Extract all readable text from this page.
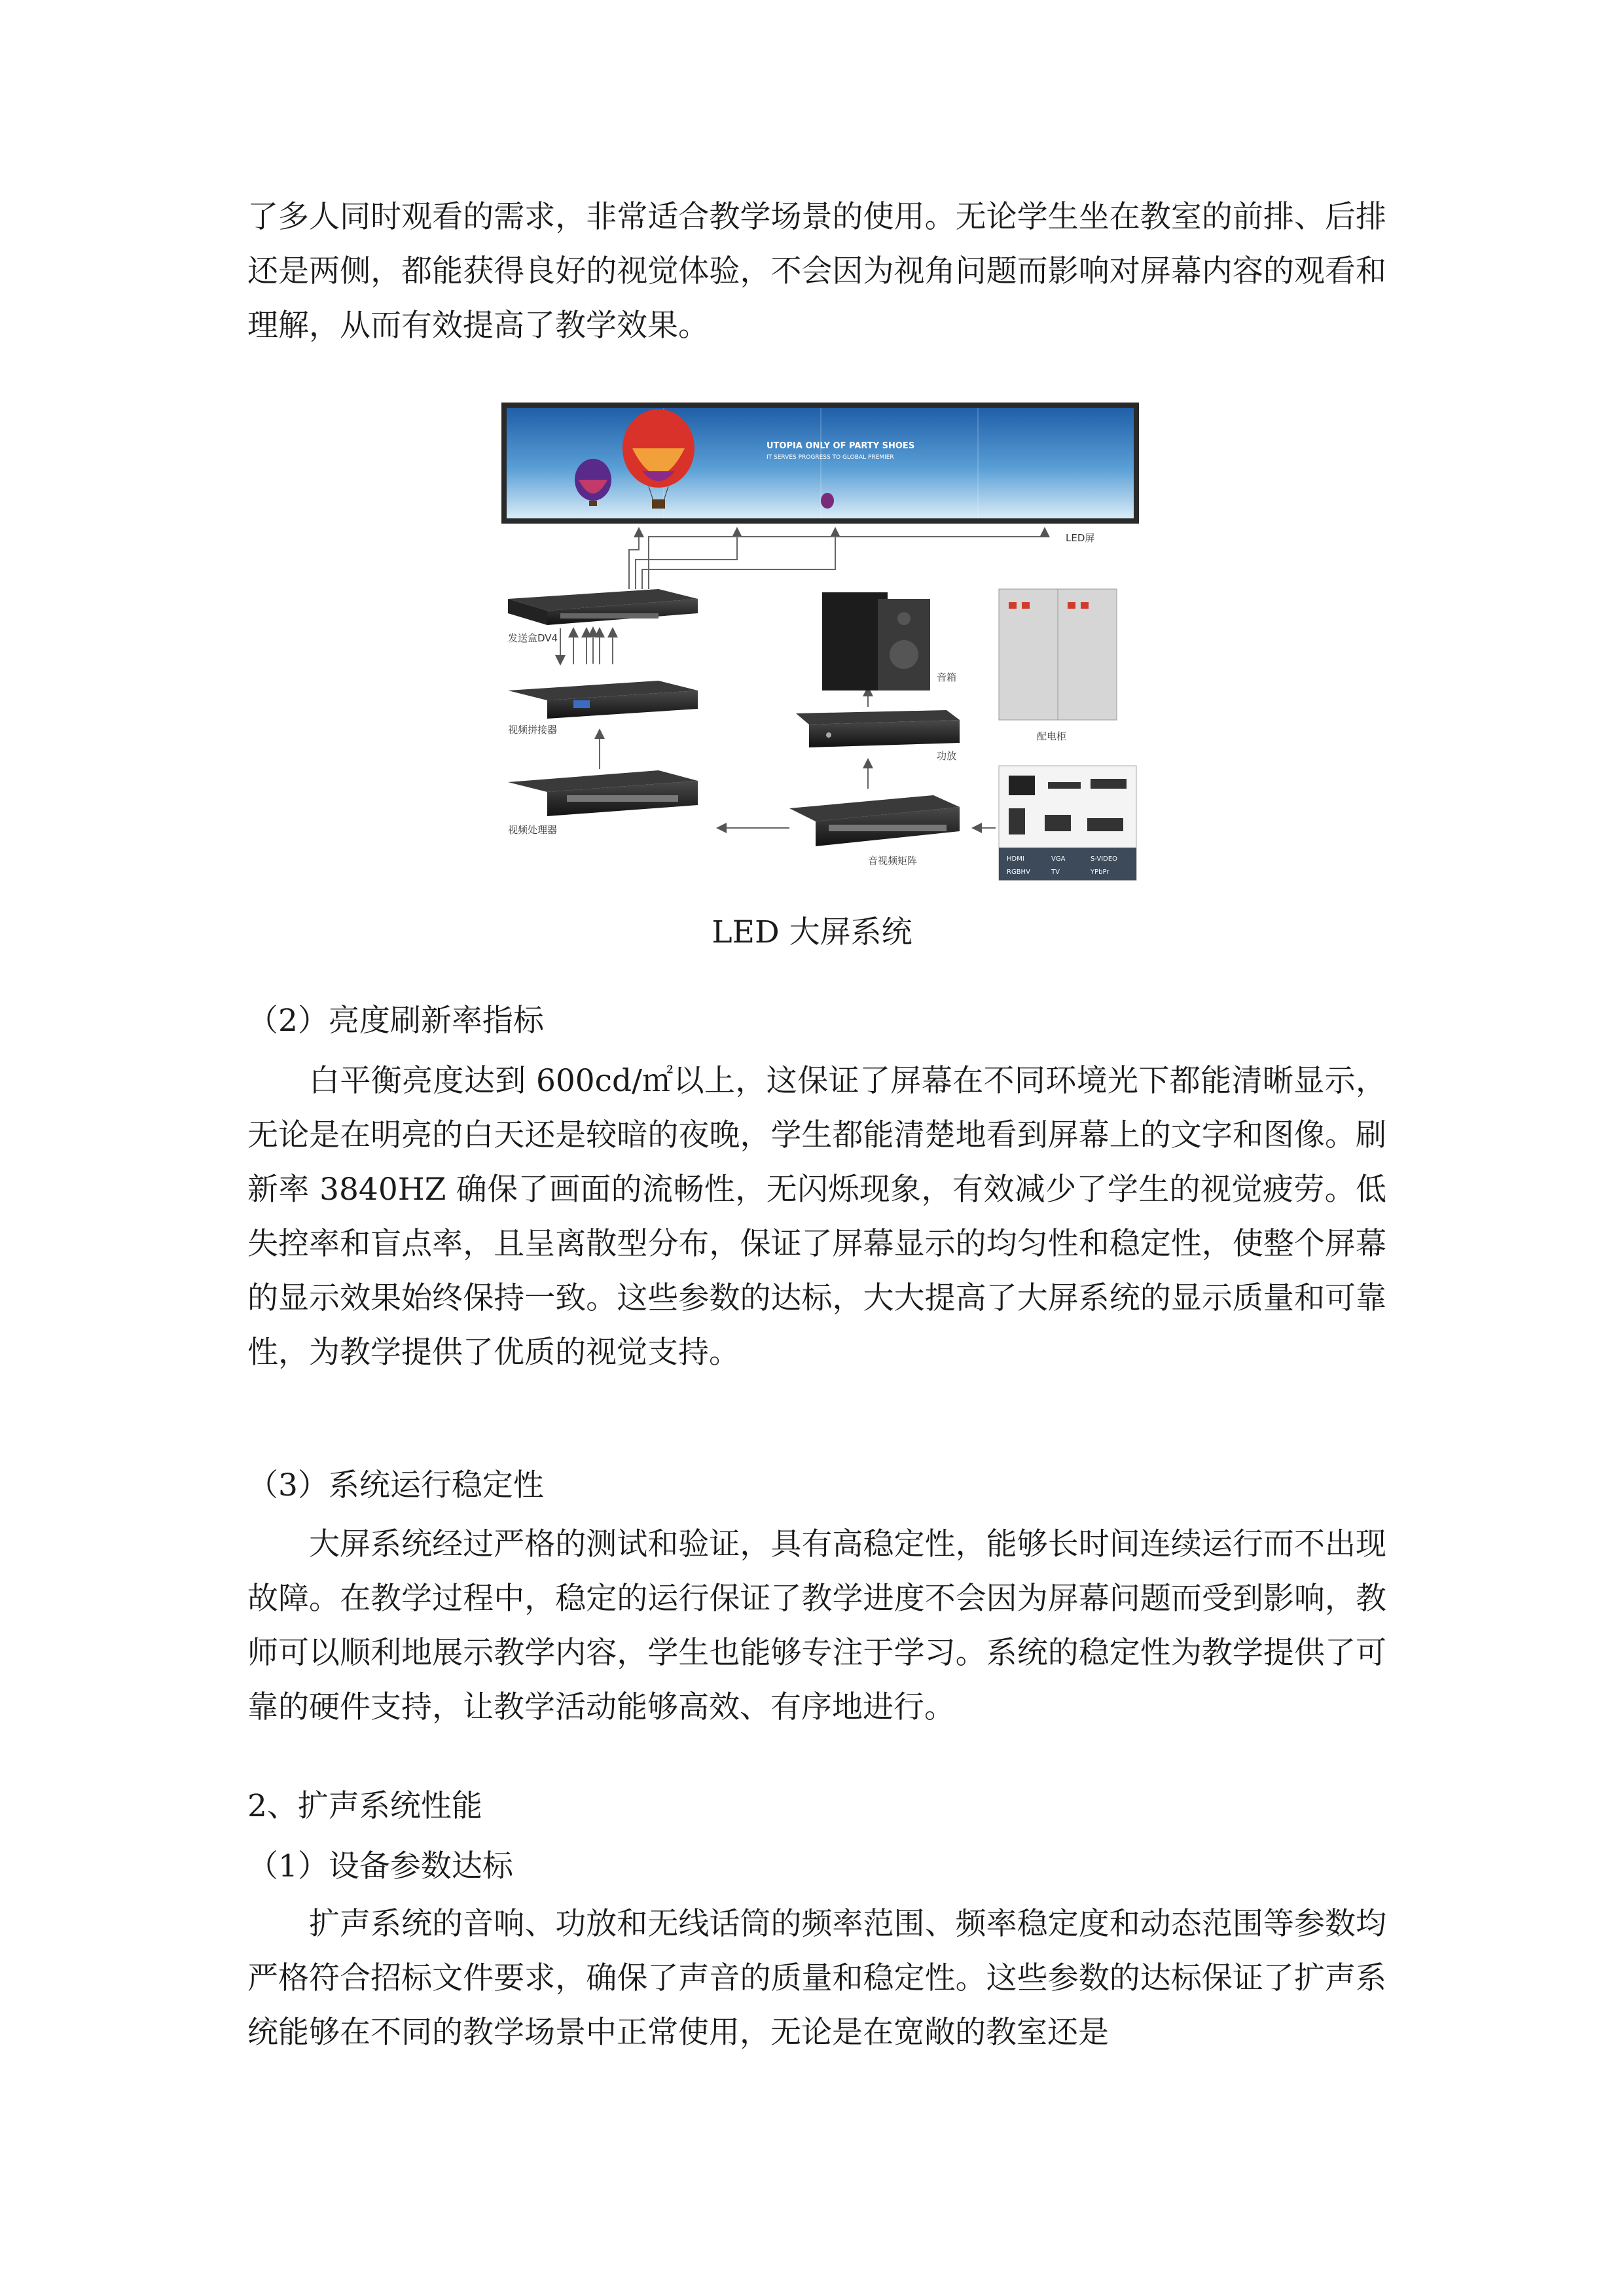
了多人同时观看的需求，非常适合教学场景的使用。无论学生坐在教室的前排、后排还是两侧，都能获得良好的视觉体验，不会因为视角问题而影响对屏幕内容的观看和理解，从而有效提高了教学效果。

UTOPIA ONLY OF PARTY SHOES
IT SERVES PROGRESS TO GLOBAL PREMIER
LED屏
发送盒DV4
视频拼接器
视频处理器
音箱
功放
配电柜
音视频矩阵	HDMI	VGA	S-VIDEO
RGBHV	TV	YPbPr

LED 大屏系统

（2）亮度刷新率指标

白平衡亮度达到 600cd/㎡以上，这保证了屏幕在不同环境光下都能清晰显示，无论是在明亮的白天还是较暗的夜晚，学生都能清楚地看到屏幕上的文字和图像。刷新率 3840HZ 确保了画面的流畅性，无闪烁现象，有效减少了学生的视觉疲劳。低失控率和盲点率，且呈离散型分布，保证了屏幕显示的均匀性和稳定性，使整个屏幕的显示效果始终保持一致。这些参数的达标，大大提高了大屏系统的显示质量和可靠性，为教学提供了优质的视觉支持。

（3）系统运行稳定性

大屏系统经过严格的测试和验证，具有高稳定性，能够长时间连续运行而不出现故障。在教学过程中，稳定的运行保证了教学进度不会因为屏幕问题而受到影响，教师可以顺利地展示教学内容，学生也能够专注于学习。系统的稳定性为教学提供了可靠的硬件支持，让教学活动能够高效、有序地进行。

2、扩声系统性能

（1）设备参数达标

扩声系统的音响、功放和无线话筒的频率范围、频率稳定度和动态范围等参数均严格符合招标文件要求，确保了声音的质量和稳定性。这些参数的达标保证了扩声系统能够在不同的教学场景中正常使用，无论是在宽敞的教室还是
